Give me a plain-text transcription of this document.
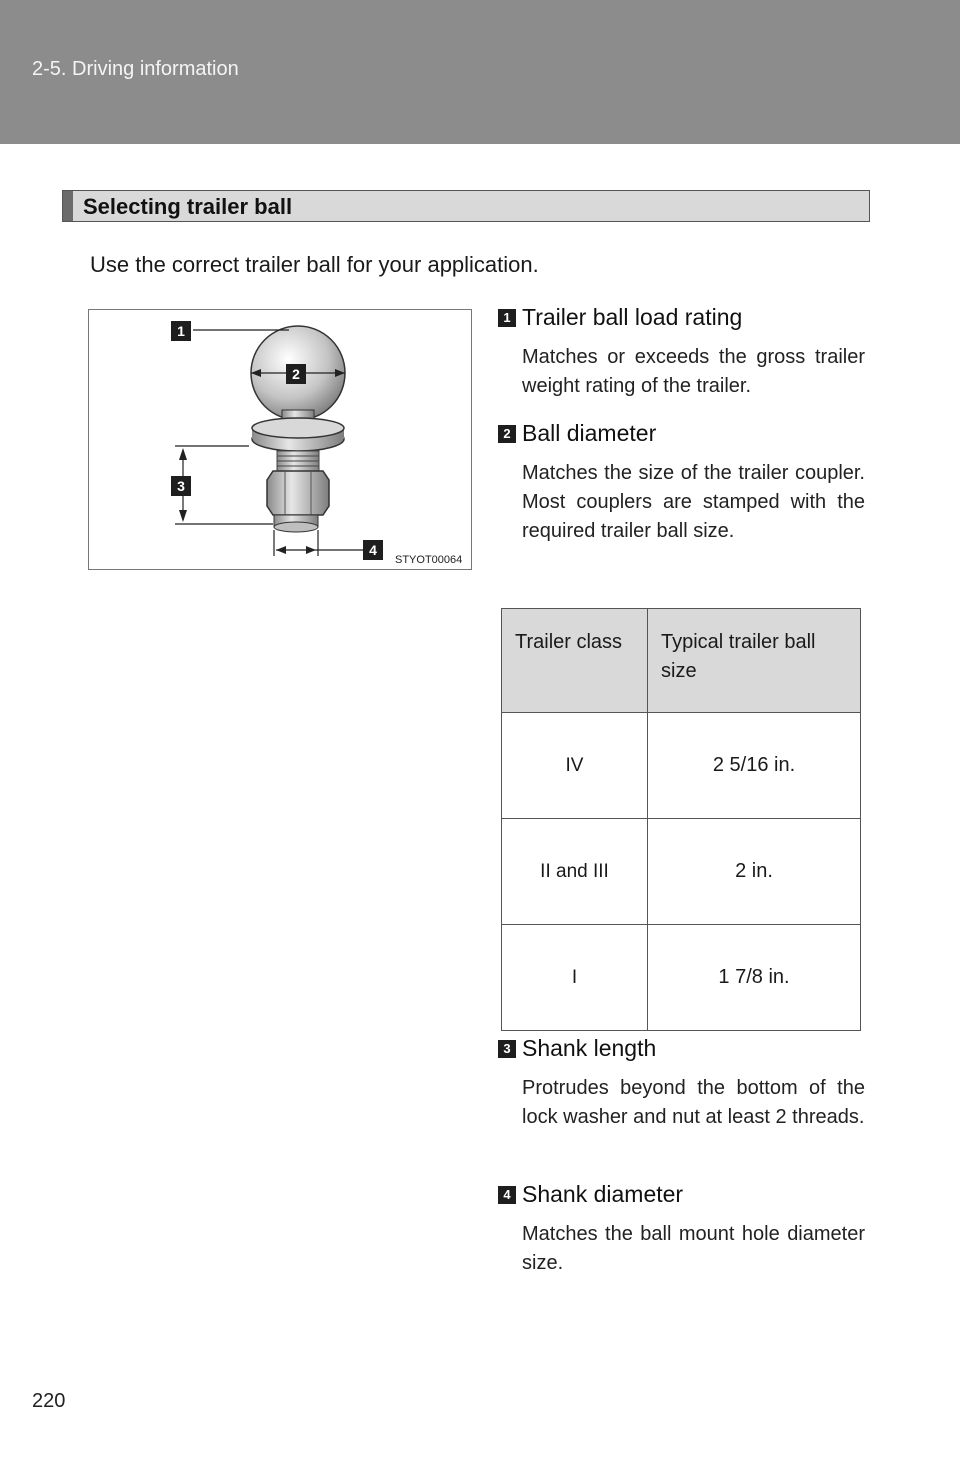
2-5. Driving information
Selecting trailer ball
Use the correct trailer ball for your application.
1
2
3
4
STYOT00064
1 Trailer ball load rating
Matches or exceeds the gross trailer weight rating of the trailer.
2 Ball diameter
Matches the size of the trailer coupler. Most couplers are stamped with the required trailer ball size.
Trailer class	Typical trailer ball size
IV	2 5/16 in.
II and III	2 in.
I	1 7/8 in.
3 Shank length
Protrudes beyond the bottom of the lock washer and nut at least 2 threads.
4 Shank diameter
Matches the ball mount hole diameter size.
220
